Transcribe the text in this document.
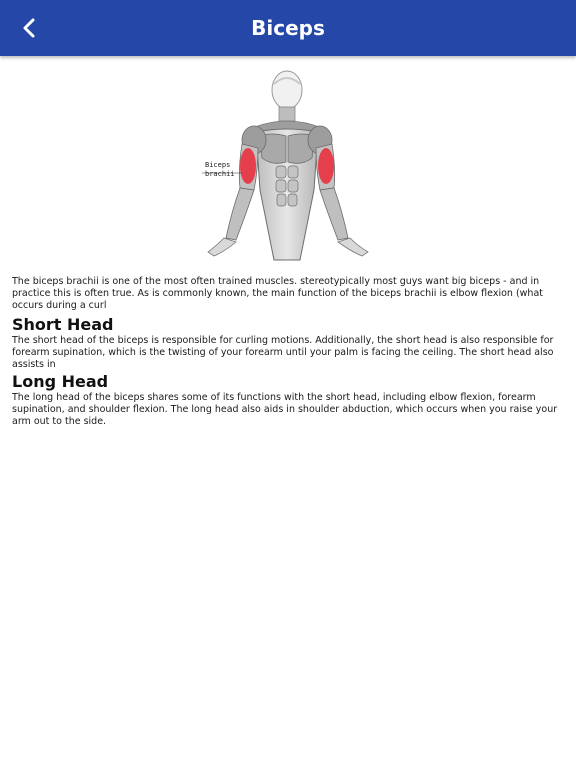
Biceps
Biceps brachii

The biceps brachii is one of the most often trained muscles. stereotypically most guys want big biceps - and in practice this is often true. As is commonly known, the main function of the biceps brachii is elbow flexion (what occurs during a curl

Short Head

The short head of the biceps is responsible for curling motions. Additionally, the short head is also responsible for forearm supination, which is the twisting of your forearm until your palm is facing the ceiling. The short head also assists in

Long Head

The long head of the biceps shares some of its functions with the short head, including elbow flexion, forearm supination, and shoulder flexion. The long head also aids in shoulder abduction, which occurs when you raise your arm out to the side.
